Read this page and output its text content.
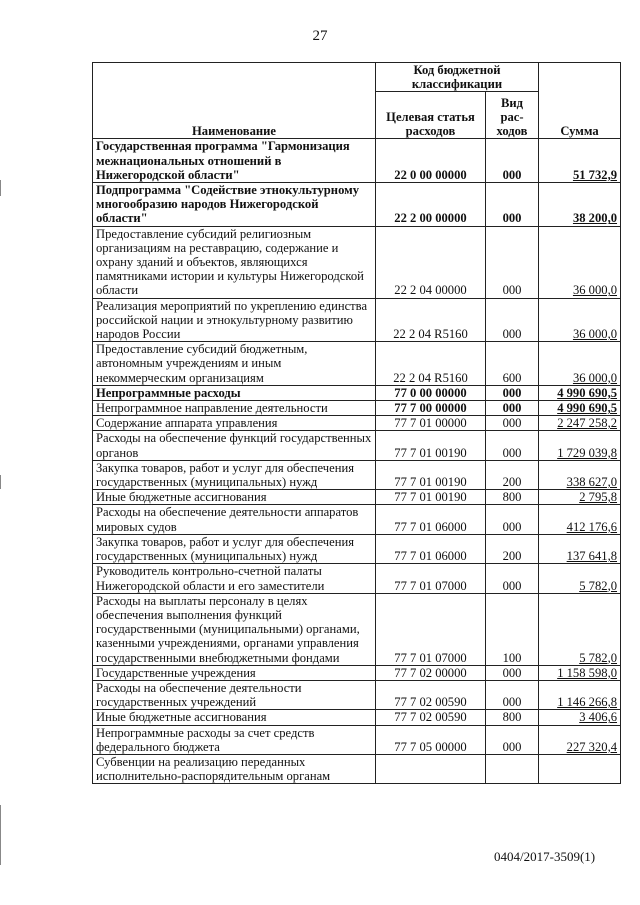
27
Наименование	Код бюджетной классификации		Сумма
	Целевая статья расходов	Вид рас-ходов	
Государственная программа "Гармонизация межнациональных отношений в Нижегородской области"	22 0 00 00000	000	51 732,9
Подпрограмма "Содействие этнокультурному многообразию народов Нижегородской области"	22 2 00 00000	000	38 200,0
Предоставление субсидий религиозным организациям на реставрацию, содержание и охрану зданий и объектов, являющихся памятниками истории и культуры Нижегородской области	22 2 04 00000	000	36 000,0
Реализация мероприятий по укреплению единства российской нации и этнокультурному развитию народов России	22 2 04 R5160	000	36 000,0
Предоставление субсидий бюджетным, автономным учреждениям и иным некоммерческим организациям	22 2 04 R5160	600	36 000,0
Непрограммные расходы	77 0 00 00000	000	4 990 690,5
Непрограммное направление деятельности	77 7 00 00000	000	4 990 690,5
Содержание аппарата управления	77 7 01 00000	000	2 247 258,2
Расходы на обеспечение функций государственных органов	77 7 01 00190	000	1 729 039,8
Закупка товаров, работ и услуг для обеспечения государственных (муниципальных) нужд	77 7 01 00190	200	338 627,0
Иные бюджетные ассигнования	77 7 01 00190	800	2 795,8
Расходы на обеспечение деятельности аппаратов мировых судов	77 7 01 06000	000	412 176,6
Закупка товаров, работ и услуг для обеспечения государственных (муниципальных) нужд	77 7 01 06000	200	137 641,8
Руководитель контрольно-счетной палаты Нижегородской области и его заместители	77 7 01 07000	000	5 782,0
Расходы на выплаты персоналу в целях обеспечения выполнения функций государственными (муниципальными) органами, казенными учреждениями, органами управления государственными внебюджетными фондами	77 7 01 07000	100	5 782,0
Государственные учреждения	77 7 02 00000	000	1 158 598,0
Расходы на обеспечение деятельности государственных учреждений	77 7 02 00590	000	1 146 266,8
Иные бюджетные ассигнования	77 7 02 00590	800	3 406,6
Непрограммные расходы за счет средств федерального бюджета	77 7 05 00000	000	227 320,4
Субвенции на реализацию переданных исполнительно-распорядительным органам			
0404/2017-3509(1)
